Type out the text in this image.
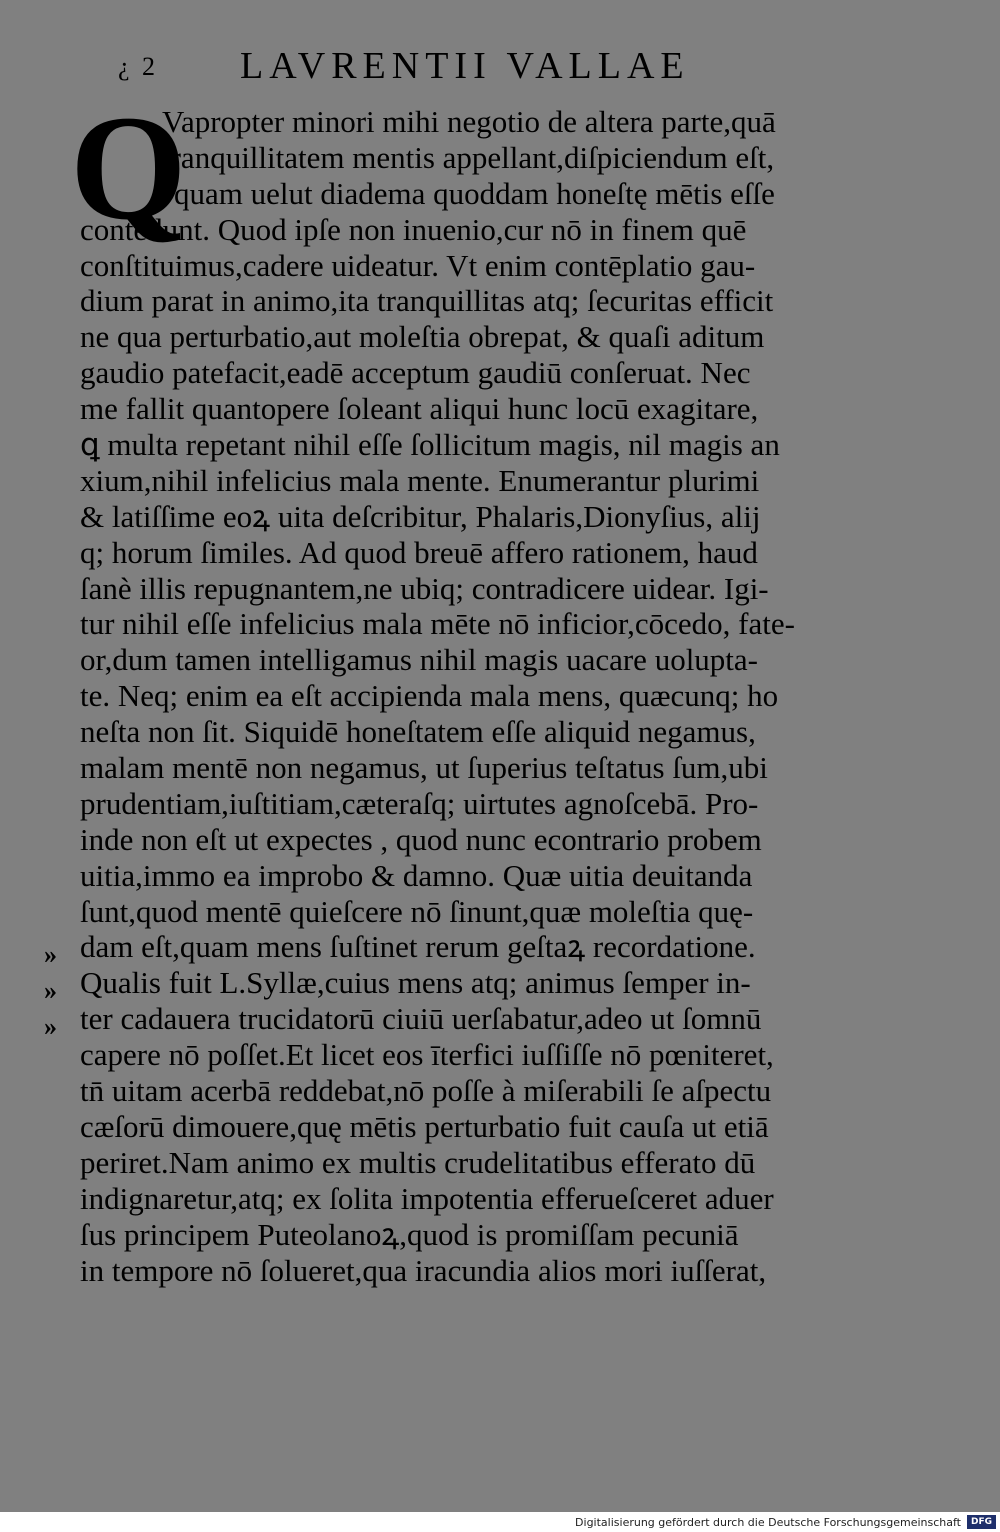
¿ 2 LAVRENTII VALLAE
Q
Vapropter minori mihi negotio de altera parte,quā
tranquillitatem mentis appellant,diſpiciendum eſt,
quam uelut diadema quoddam honeſtę mētis eſſe
contēdunt. Quod ipſe non inuenio,cur nō in finem quē
conſtituimus,cadere uideatur. Vt enim contēplatio gau-
dium parat in animo,ita tranquillitas atq; ſecuritas efficit
ne qua perturbatio,aut moleſtia obrepat, & quaſi aditum
gaudio patefacit,eadē acceptum gaudiū conſeruat. Nec
me fallit quantopere ſoleant aliqui hunc locū exagitare,
ꝗ multa repetant nihil eſſe ſollicitum magis, nil magis an
xium,nihil infelicius mala mente. Enumerantur plurimi
& latiſſime eoꝝ uita deſcribitur, Phalaris,Dionyſius, alij
q; horum ſimiles. Ad quod breuē affero rationem, haud
ſanè illis repugnantem,ne ubiq; contradicere uidear. Igi-
tur nihil eſſe infelicius mala mēte nō inficior,cōcedo, fate-
or,dum tamen intelligamus nihil magis uacare uolupta-
te. Neq; enim ea eſt accipienda mala mens, quæcunq; ho
neſta non ſit. Siquidē honeſtatem eſſe aliquid negamus,
malam mentē non negamus, ut ſuperius teſtatus ſum,ubi
prudentiam,iuſtitiam,cæteraſq; uirtutes agnoſcebā. Pro-
inde non eſt ut expectes , quod nunc econtrario probem
uitia,immo ea improbo & damno. Quæ uitia deuitanda
ſunt,quod mentē quieſcere nō ſinunt,quæ moleſtia quę-
dam eſt,quam mens ſuſtinet rerum geſtaꝝ recordatione.
Qualis fuit L.Syllæ,cuius mens atq; animus ſemper in-
ter cadauera trucidatorū ciuiū uerſabatur,adeo ut ſomnū
capere nō poſſet.Et licet eos īterfici iuſſiſſe nō pœniteret,
tn̄ uitam acerbā reddebat,nō poſſe à miſerabili ſe aſpectu
cæſorū dimouere,quę mētis perturbatio fuit cauſa ut etiā
periret.Nam animo ex multis crudelitatibus efferato dū
indignaretur,atq; ex ſolita impotentia efferueſceret aduer
ſus principem Puteolanoꝝ,quod is promiſſam pecuniā
in tempore nō ſolueret,qua iracundia alios mori iuſſerat,
»
»
»
Digitalisierung gefördert durch die Deutsche Forschungsgemeinschaft	DFG
